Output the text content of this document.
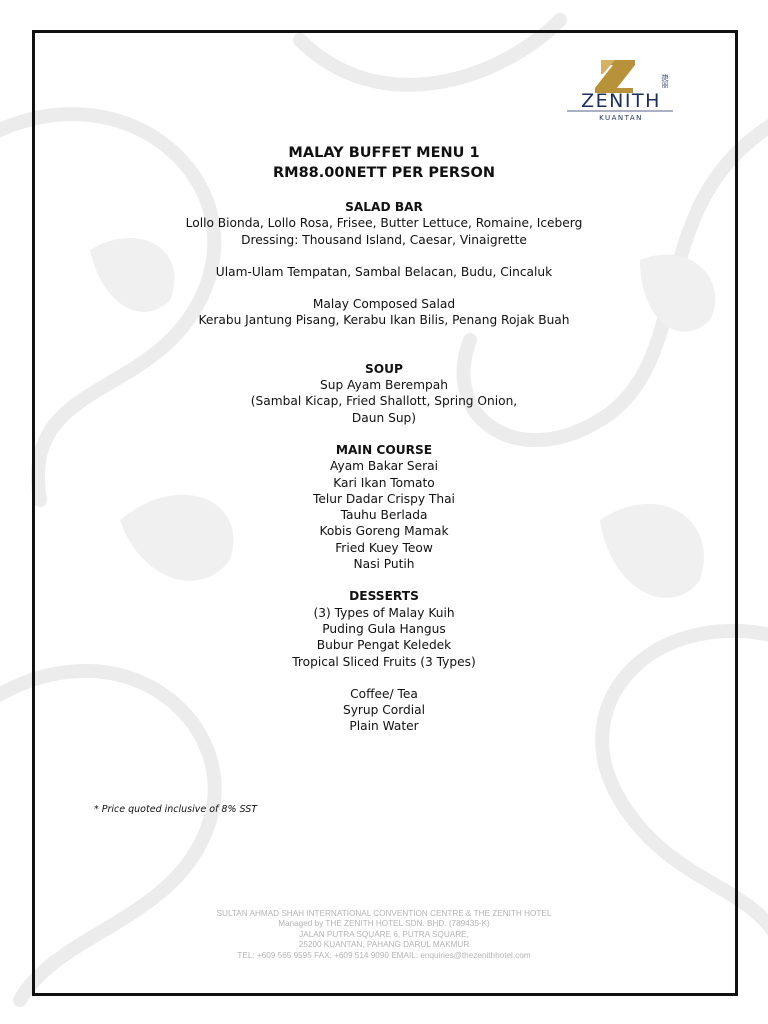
捷丽
ZENITH
KUANTAN
MALAY BUFFET MENU 1
RM88.00NETT PER PERSON
SALAD BAR
Lollo Bionda, Lollo Rosa, Frisee, Butter Lettuce, Romaine, Iceberg
Dressing: Thousand Island, Caesar, Vinaigrette
Ulam-Ulam Tempatan, Sambal Belacan, Budu, Cincaluk
Malay Composed Salad
Kerabu Jantung Pisang, Kerabu Ikan Bilis, Penang Rojak Buah
SOUP
Sup Ayam Berempah
(Sambal Kicap, Fried Shallott, Spring Onion,
Daun Sup)
MAIN COURSE
Ayam Bakar Serai
Kari Ikan Tomato
Telur Dadar Crispy Thai
Tauhu Berlada
Kobis Goreng Mamak
Fried Kuey Teow
Nasi Putih
DESSERTS
(3) Types of Malay Kuih
Puding Gula Hangus
Bubur Pengat Keledek
Tropical Sliced Fruits (3 Types)
Coffee/ Tea
Syrup Cordial
Plain Water
* Price quoted inclusive of 8% SST
SULTAN AHMAD SHAH INTERNATIONAL CONVENTION CENTRE & THE ZENITH HOTEL
Managed by THE ZENITH HOTEL SDN. BHD. (789435-K)
JALAN PUTRA SQUARE 6, PUTRA SQUARE,
25200 KUANTAN, PAHANG DARUL MAKMUR
TEL: +609 565 9595 FAX: +609 514 9090 EMAIL: enquiries@thezenithhotel.com
